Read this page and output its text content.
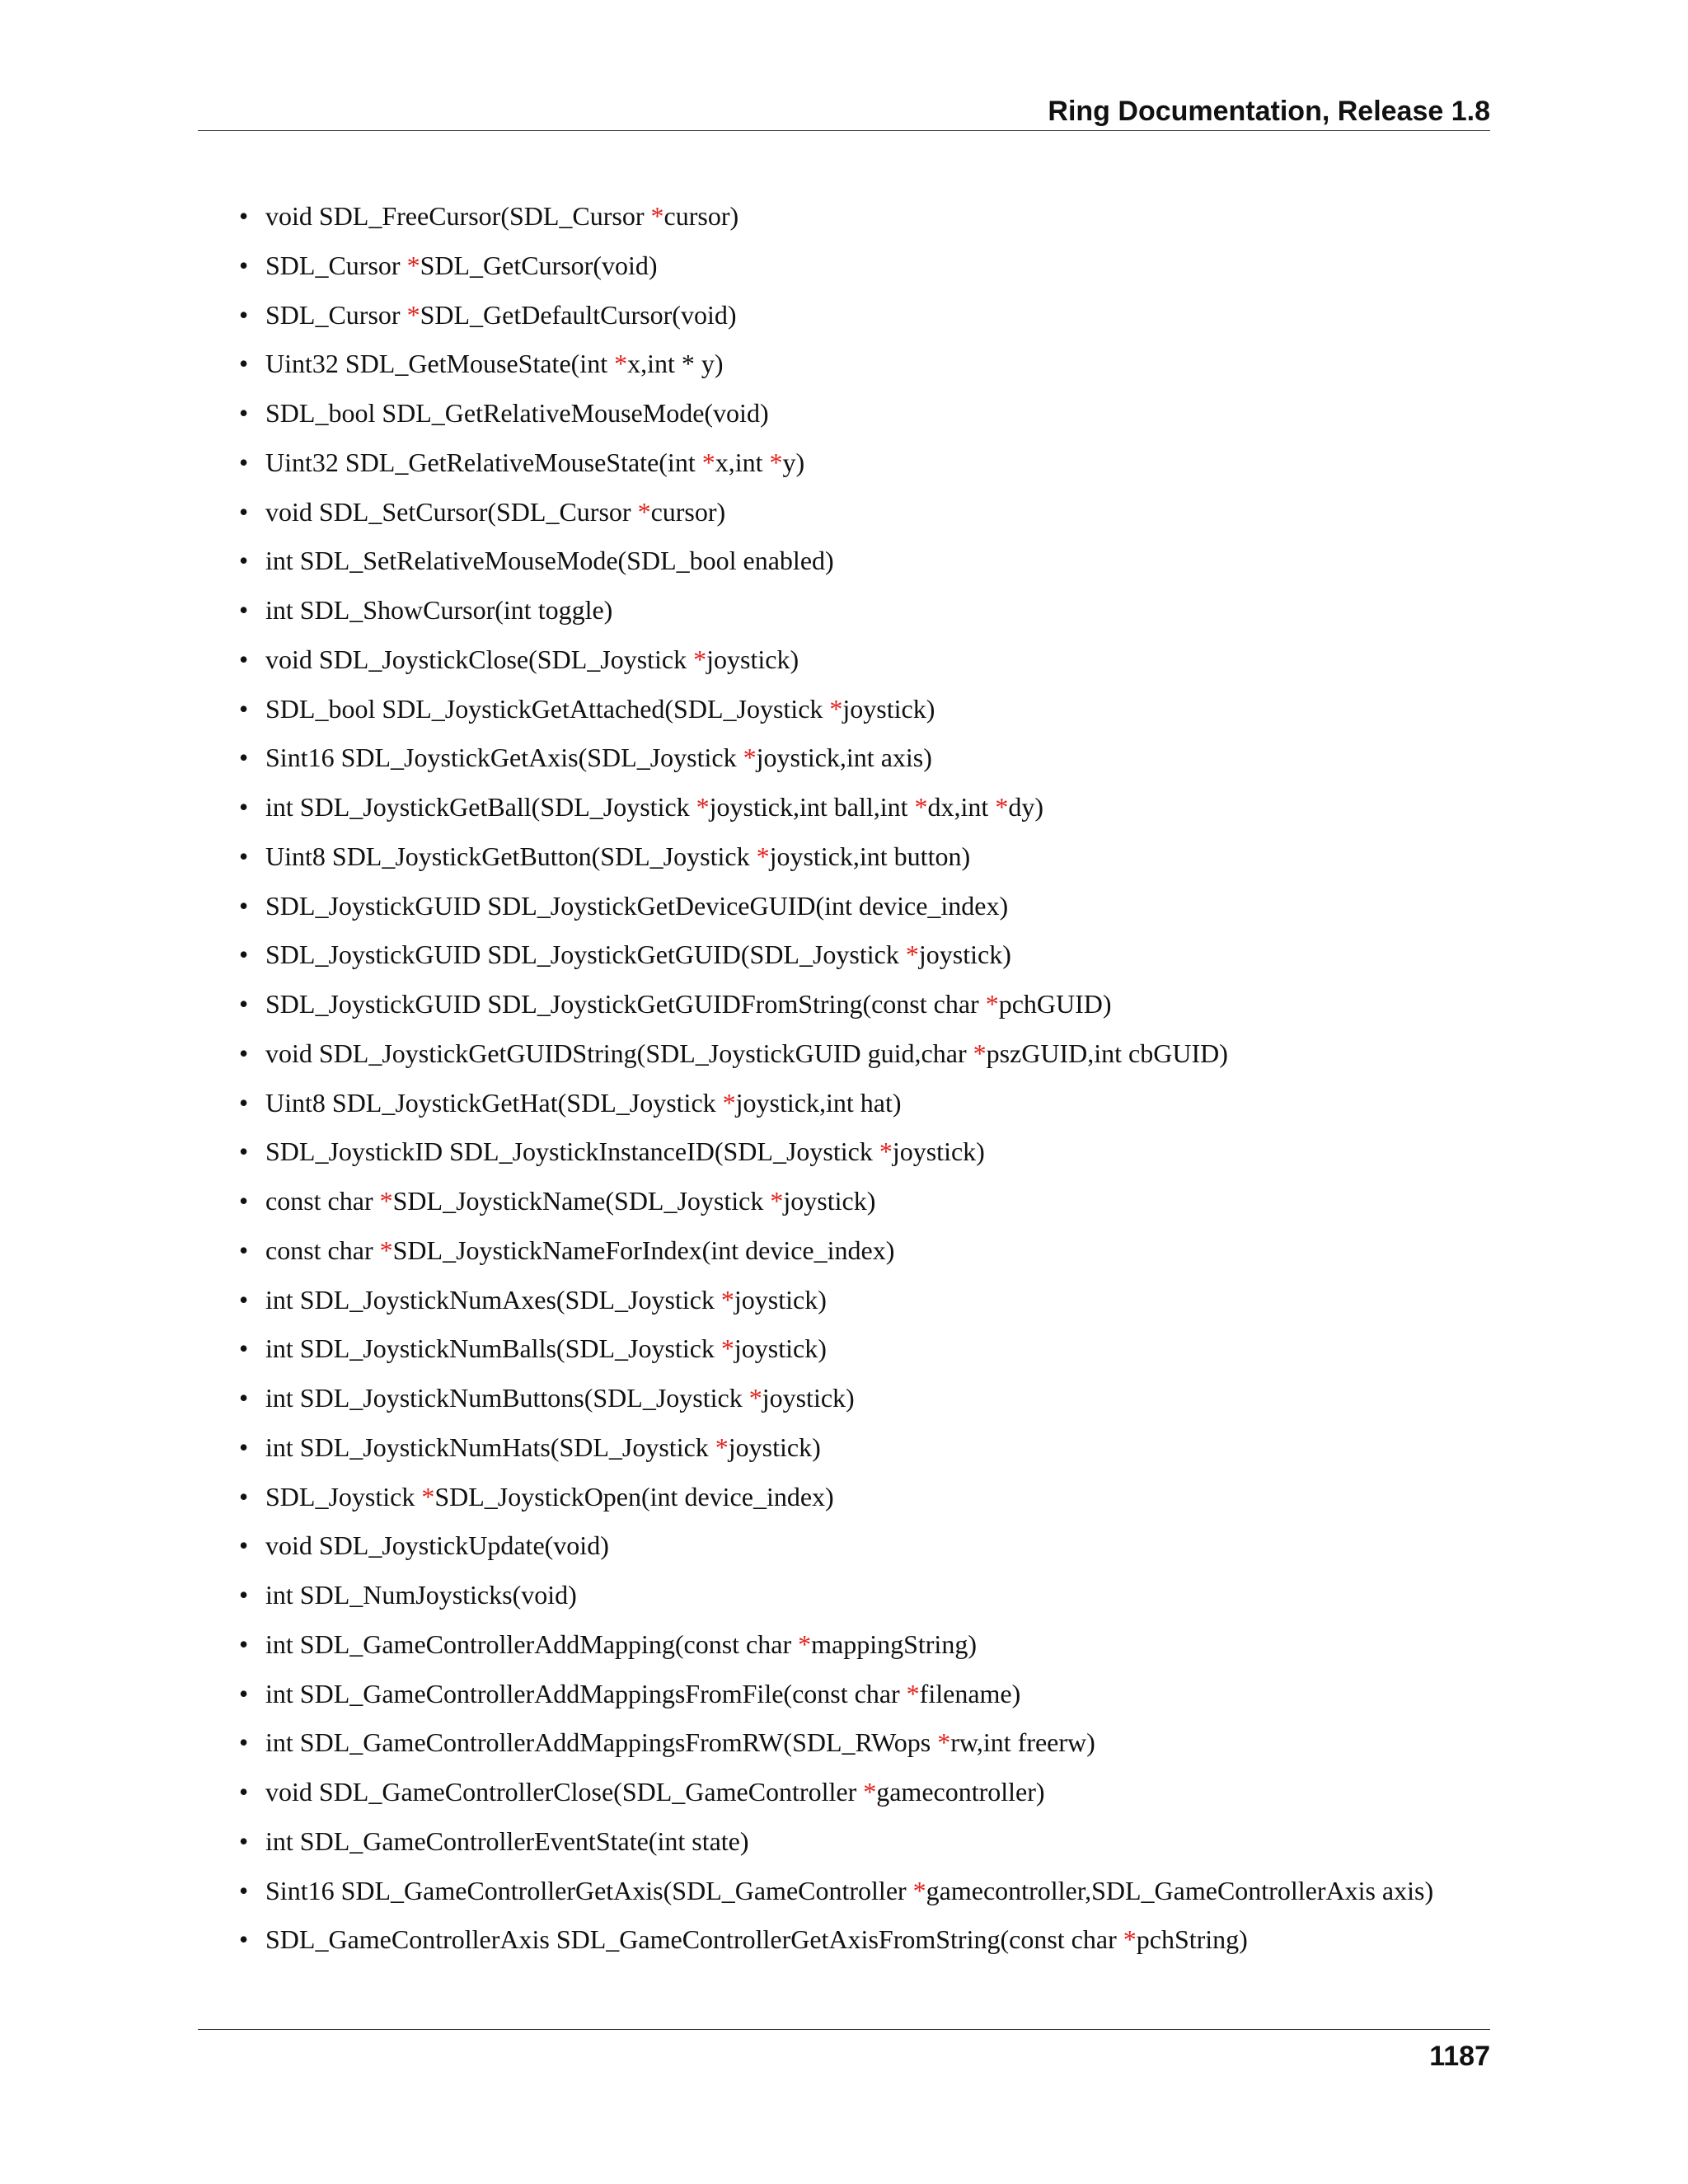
Ring Documentation, Release 1.8
• void SDL_FreeCursor(SDL_Cursor *cursor)
• SDL_Cursor *SDL_GetCursor(void)
• SDL_Cursor *SDL_GetDefaultCursor(void)
• Uint32 SDL_GetMouseState(int *x,int * y)
• SDL_bool SDL_GetRelativeMouseMode(void)
• Uint32 SDL_GetRelativeMouseState(int *x,int *y)
• void SDL_SetCursor(SDL_Cursor *cursor)
• int SDL_SetRelativeMouseMode(SDL_bool enabled)
• int SDL_ShowCursor(int toggle)
• void SDL_JoystickClose(SDL_Joystick *joystick)
• SDL_bool SDL_JoystickGetAttached(SDL_Joystick *joystick)
• Sint16 SDL_JoystickGetAxis(SDL_Joystick *joystick,int axis)
• int SDL_JoystickGetBall(SDL_Joystick *joystick,int ball,int *dx,int *dy)
• Uint8 SDL_JoystickGetButton(SDL_Joystick *joystick,int button)
• SDL_JoystickGUID SDL_JoystickGetDeviceGUID(int device_index)
• SDL_JoystickGUID SDL_JoystickGetGUID(SDL_Joystick *joystick)
• SDL_JoystickGUID SDL_JoystickGetGUIDFromString(const char *pchGUID)
• void SDL_JoystickGetGUIDString(SDL_JoystickGUID guid,char *pszGUID,int cbGUID)
• Uint8 SDL_JoystickGetHat(SDL_Joystick *joystick,int hat)
• SDL_JoystickID SDL_JoystickInstanceID(SDL_Joystick *joystick)
• const char *SDL_JoystickName(SDL_Joystick *joystick)
• const char *SDL_JoystickNameForIndex(int device_index)
• int SDL_JoystickNumAxes(SDL_Joystick *joystick)
• int SDL_JoystickNumBalls(SDL_Joystick *joystick)
• int SDL_JoystickNumButtons(SDL_Joystick *joystick)
• int SDL_JoystickNumHats(SDL_Joystick *joystick)
• SDL_Joystick *SDL_JoystickOpen(int device_index)
• void SDL_JoystickUpdate(void)
• int SDL_NumJoysticks(void)
• int SDL_GameControllerAddMapping(const char *mappingString)
• int SDL_GameControllerAddMappingsFromFile(const char *filename)
• int SDL_GameControllerAddMappingsFromRW(SDL_RWops *rw,int freerw)
• void SDL_GameControllerClose(SDL_GameController *gamecontroller)
• int SDL_GameControllerEventState(int state)
• Sint16 SDL_GameControllerGetAxis(SDL_GameController *gamecontroller,SDL_GameControllerAxis axis)
• SDL_GameControllerAxis SDL_GameControllerGetAxisFromString(const char *pchString)
1187
